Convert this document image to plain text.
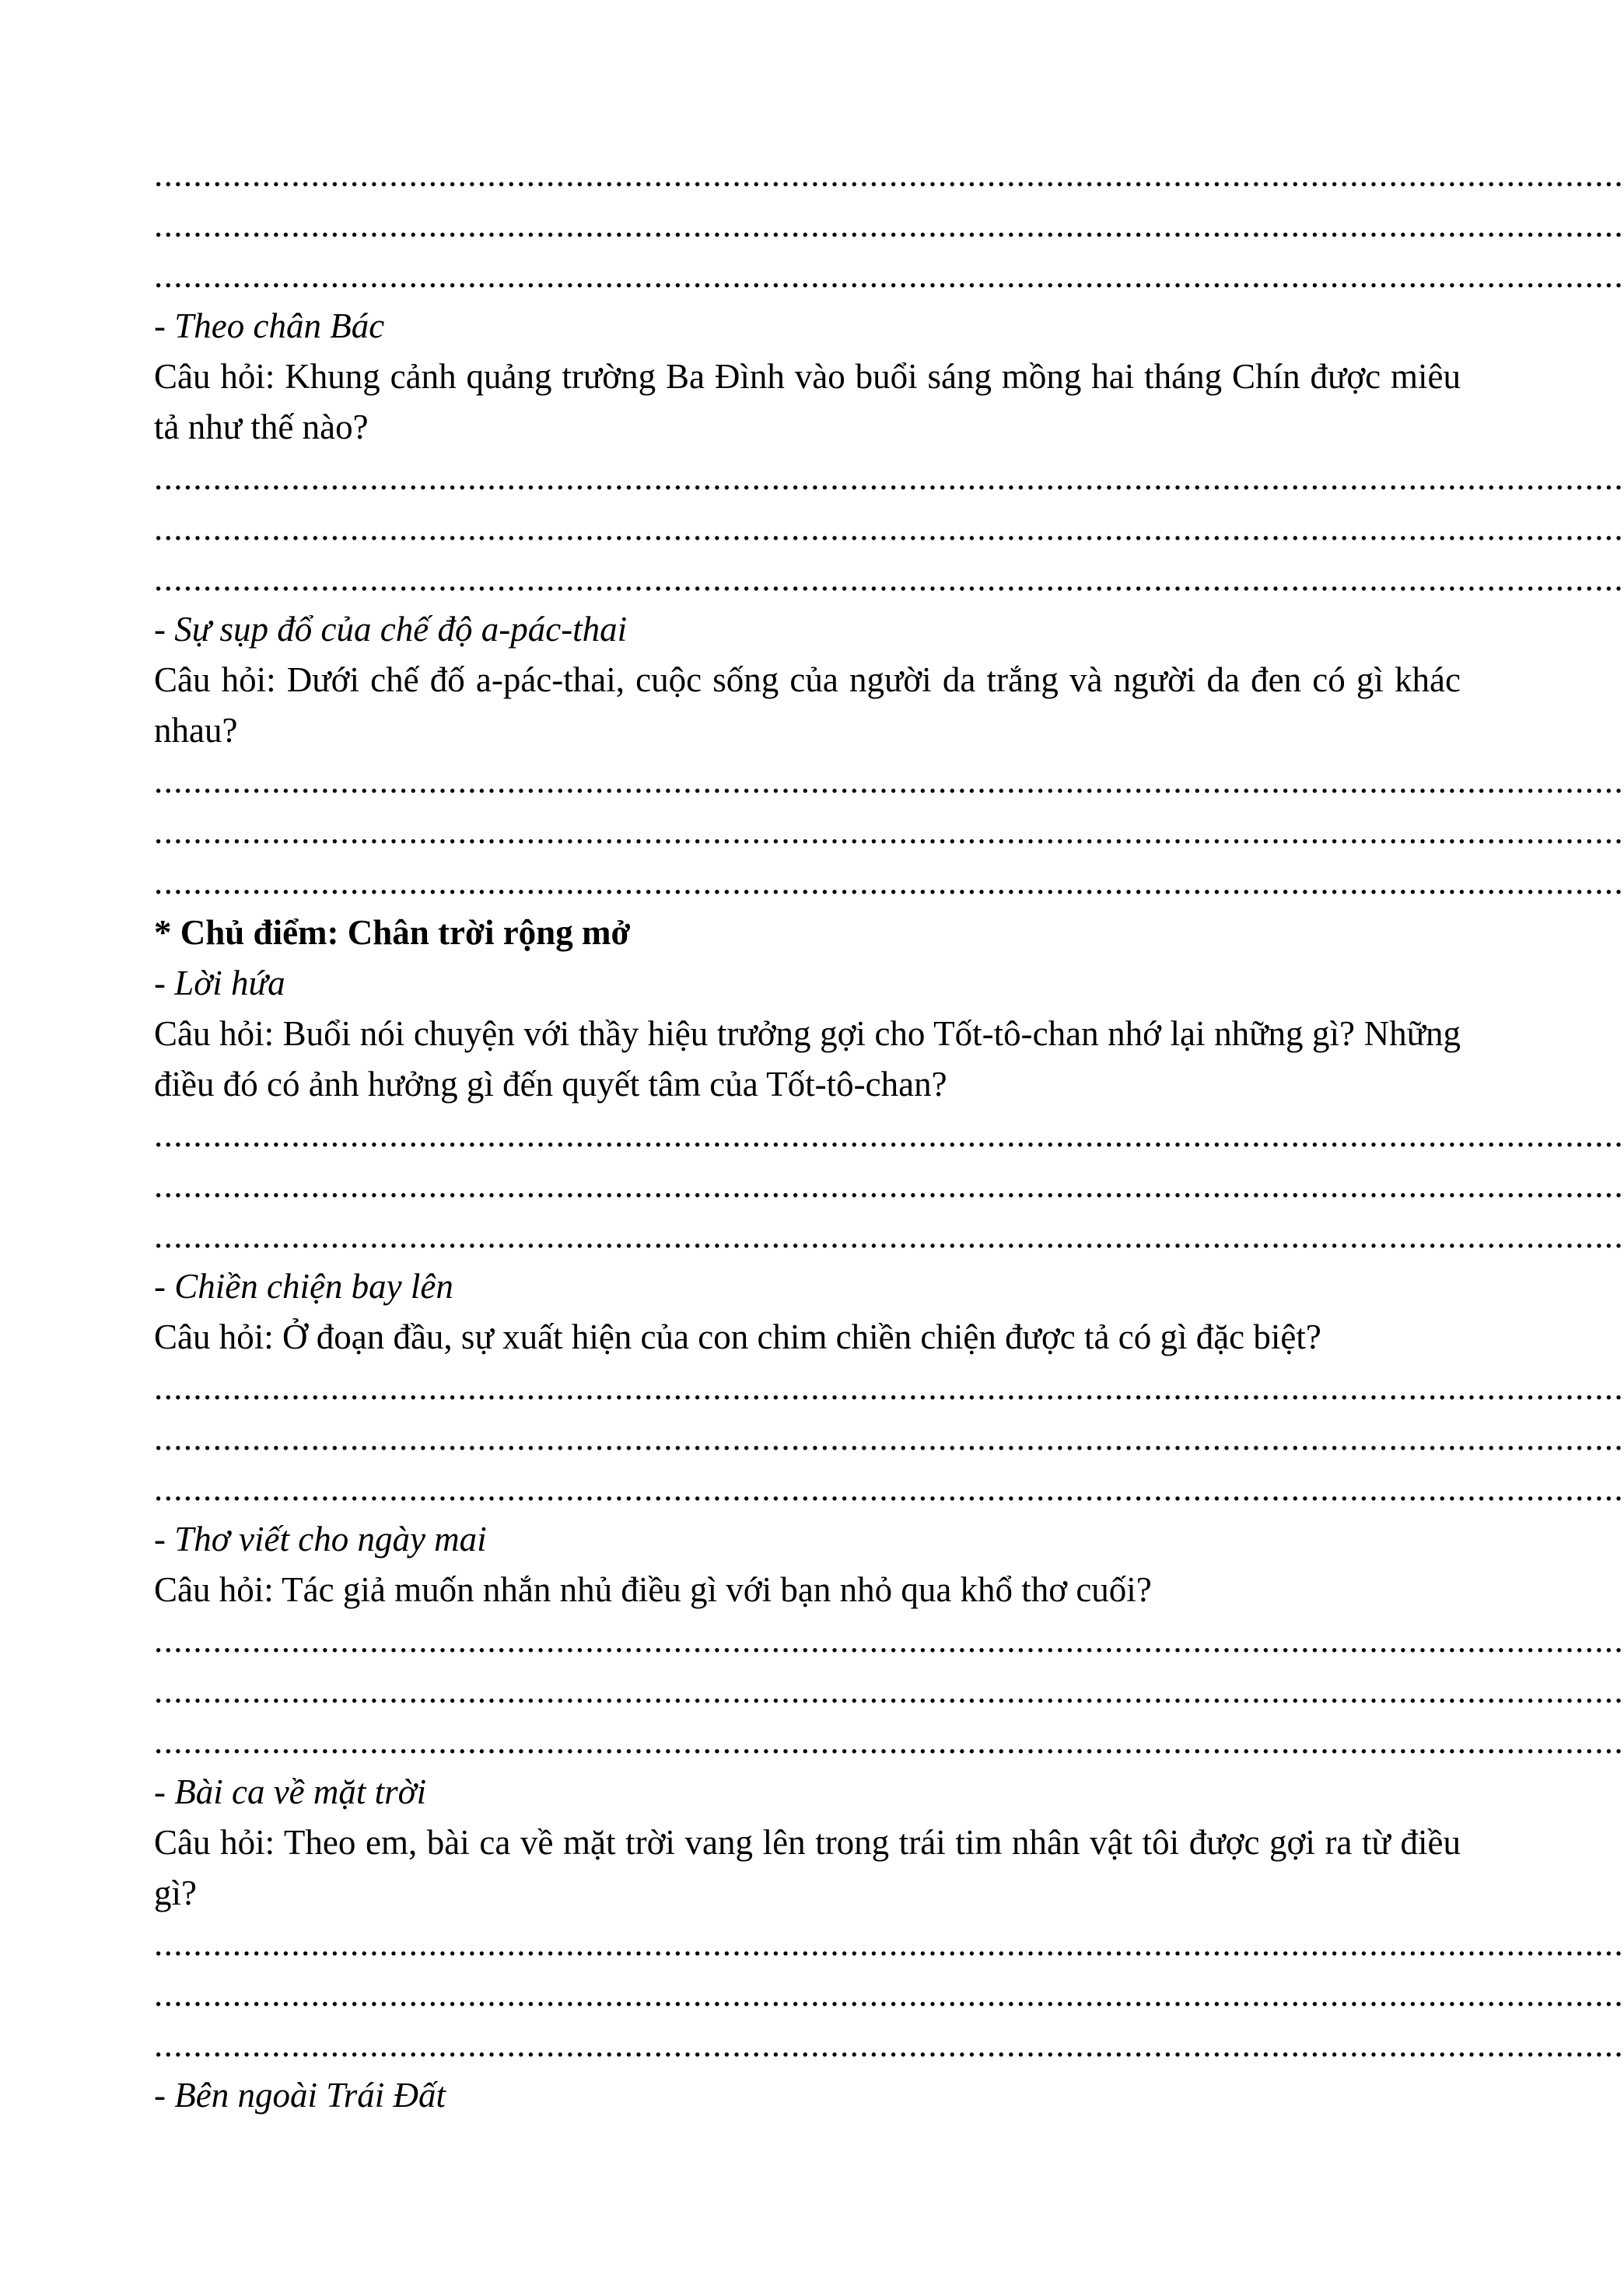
......................................................................................................................................................
......................................................................................................................................................
......................................................................................................................................................
- Theo chân Bác
Câu hỏi: Khung cảnh quảng trường Ba Đình vào buổi sáng mồng hai tháng Chín được miêu tả như thế nào?
......................................................................................................................................................
......................................................................................................................................................
......................................................................................................................................................
- Sự sụp đổ của chế độ a-pác-thai
Câu hỏi: Dưới chế đố a-pác-thai, cuộc sống của người da trắng và người da đen có gì khác nhau?
......................................................................................................................................................
......................................................................................................................................................
......................................................................................................................................................
* Chủ điểm: Chân trời rộng mở
- Lời hứa
Câu hỏi: Buổi nói chuyện với thầy hiệu trưởng gợi cho Tốt-tô-chan nhớ lại những gì? Những điều đó có ảnh hưởng gì đến quyết tâm của Tốt-tô-chan?
......................................................................................................................................................
......................................................................................................................................................
......................................................................................................................................................
- Chiền chiện bay lên
Câu hỏi: Ở đoạn đầu, sự xuất hiện của con chim chiền chiện được tả có gì đặc biệt?
......................................................................................................................................................
......................................................................................................................................................
......................................................................................................................................................
- Thơ viết cho ngày mai
Câu hỏi: Tác giả muốn nhắn nhủ điều gì với bạn nhỏ qua khổ thơ cuối?
......................................................................................................................................................
......................................................................................................................................................
......................................................................................................................................................
- Bài ca về mặt trời
Câu hỏi: Theo em, bài ca về mặt trời vang lên trong trái tim nhân vật tôi được gợi ra từ điều gì?
......................................................................................................................................................
......................................................................................................................................................
......................................................................................................................................................
- Bên ngoài Trái Đất
